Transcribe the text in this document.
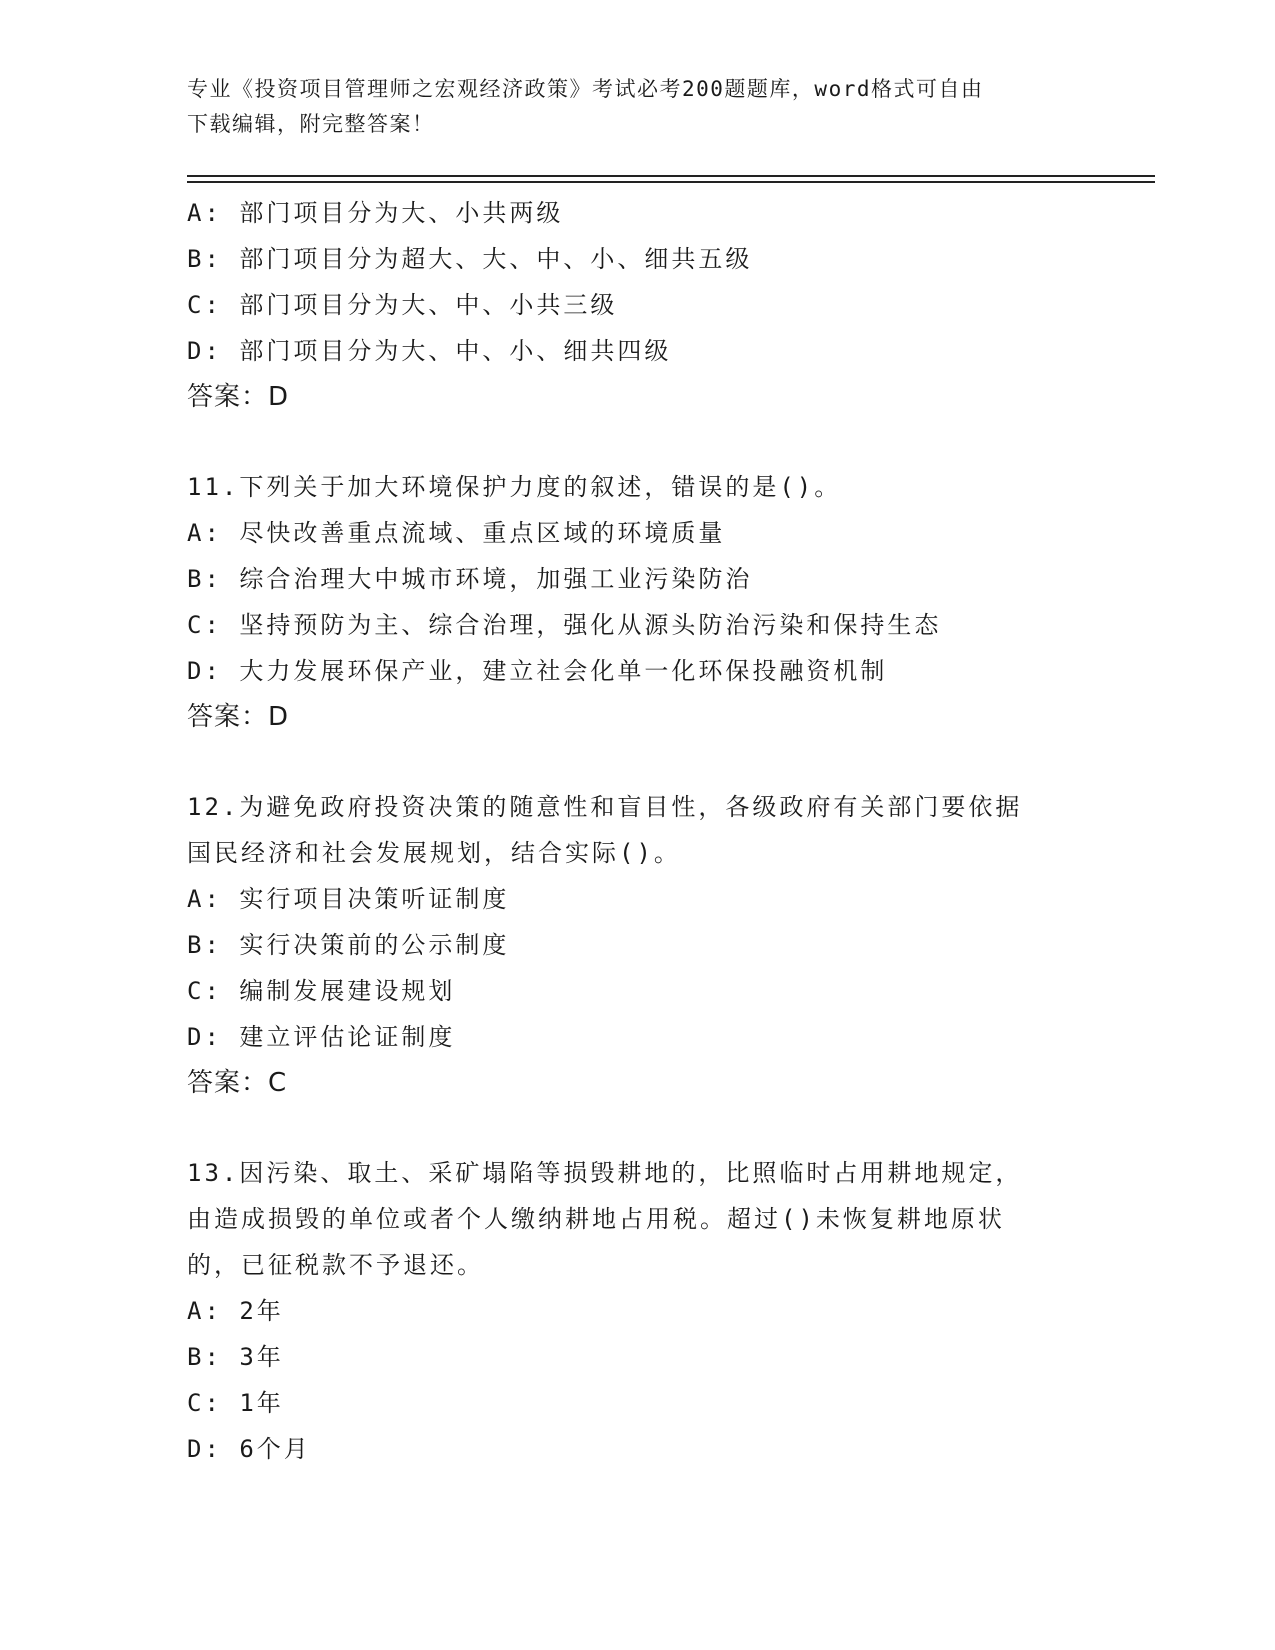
专业《投资项目管理师之宏观经济政策》考试必考200题题库，word格式可自由
下载编辑，附完整答案！
A: 部门项目分为大、小共两级
B: 部门项目分为超大、大、中、小、细共五级
C: 部门项目分为大、中、小共三级
D: 部门项目分为大、中、小、细共四级
答案：D
11.下列关于加大环境保护力度的叙述，错误的是()。
A: 尽快改善重点流域、重点区域的环境质量
B: 综合治理大中城市环境，加强工业污染防治
C: 坚持预防为主、综合治理，强化从源头防治污染和保持生态
D: 大力发展环保产业，建立社会化单一化环保投融资机制
答案：D
12.为避免政府投资决策的随意性和盲目性，各级政府有关部门要依据
国民经济和社会发展规划，结合实际()。
A: 实行项目决策听证制度
B: 实行决策前的公示制度
C: 编制发展建设规划
D: 建立评估论证制度
答案：C
13.因污染、取土、采矿塌陷等损毁耕地的，比照临时占用耕地规定，
由造成损毁的单位或者个人缴纳耕地占用税。超过()未恢复耕地原状
的，已征税款不予退还。
A: 2年
B: 3年
C: 1年
D: 6个月
